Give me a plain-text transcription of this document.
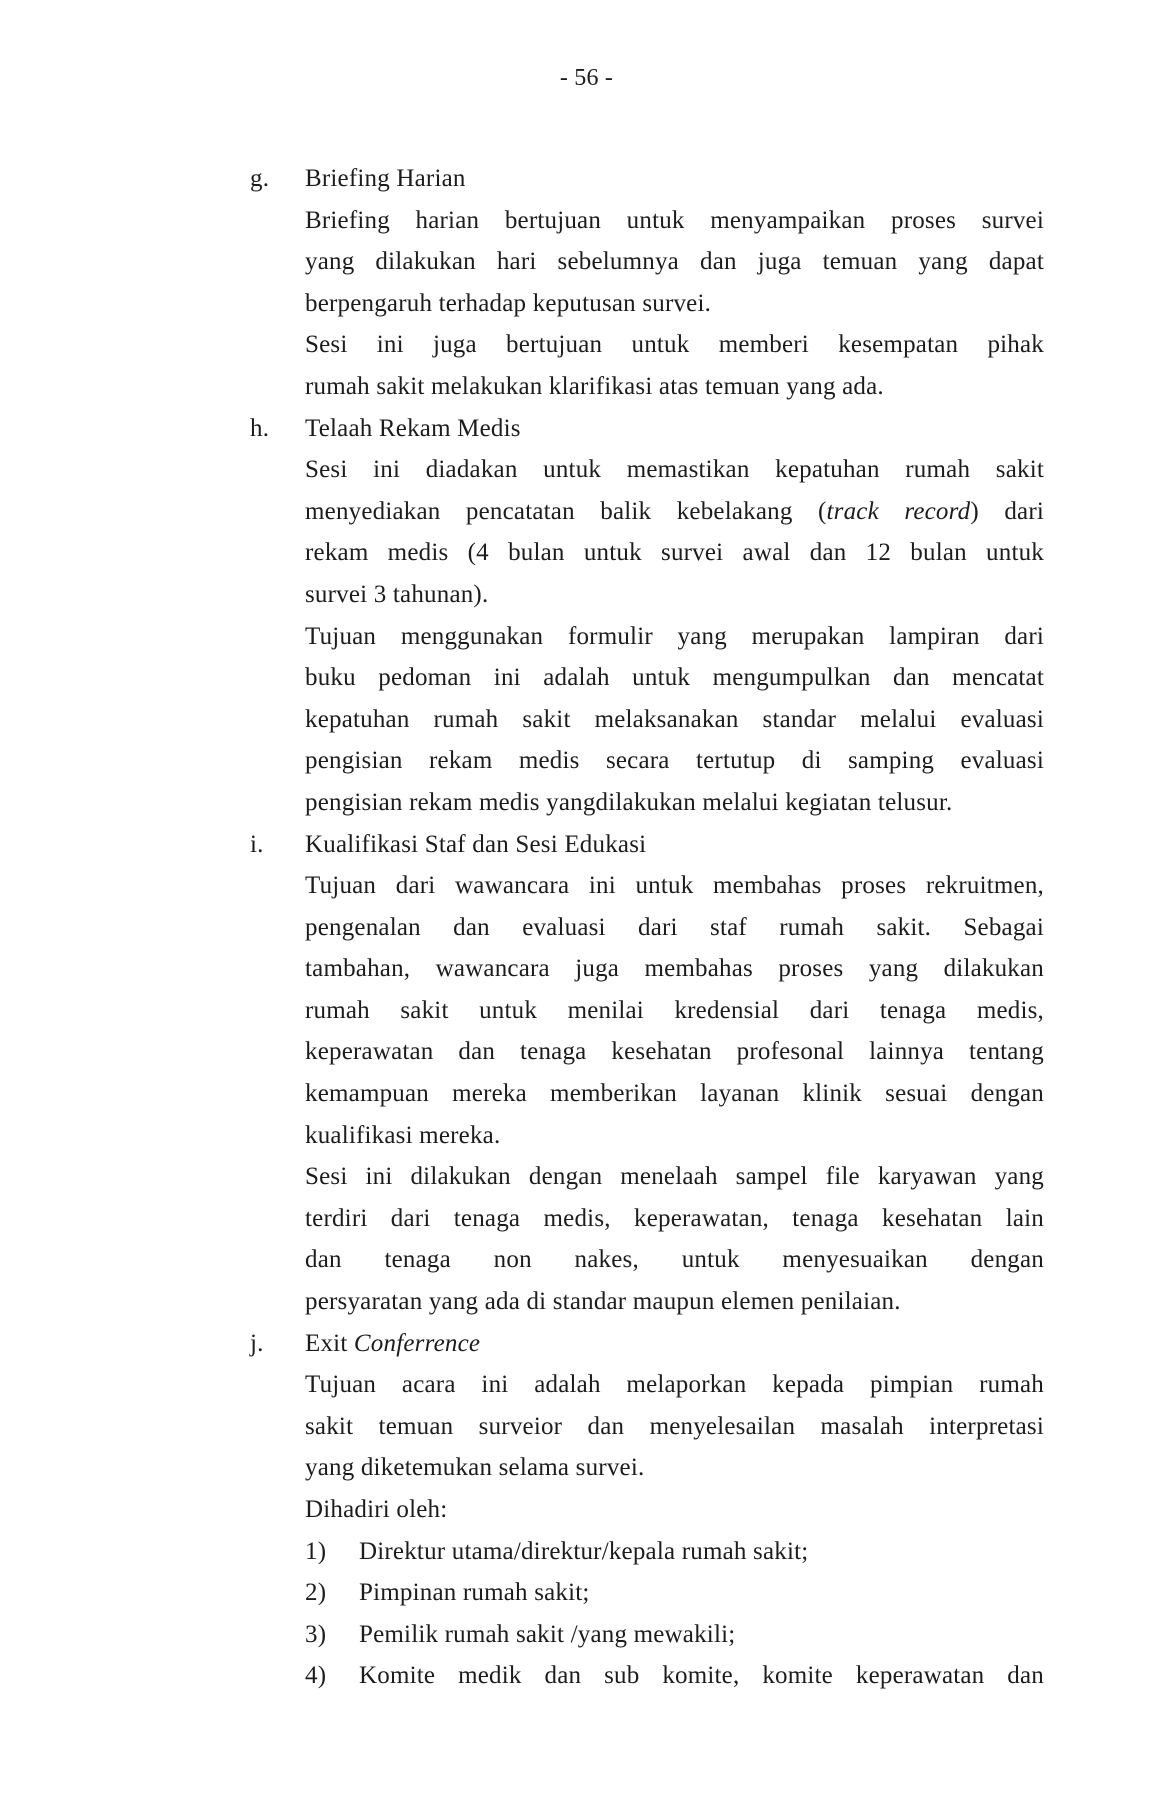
- 56 -
g.	Briefing Harian
Briefing harian bertujuan untuk menyampaikan proses survei
yang dilakukan hari sebelumnya dan juga temuan yang dapat
berpengaruh terhadap keputusan survei.
Sesi ini juga bertujuan untuk memberi kesempatan pihak
rumah sakit melakukan klarifikasi atas temuan yang ada.
h.	Telaah Rekam Medis
Sesi ini diadakan untuk memastikan kepatuhan rumah sakit
menyediakan pencatatan balik kebelakang (track record) dari
rekam medis (4 bulan untuk survei awal dan 12 bulan untuk
survei 3 tahunan).
Tujuan menggunakan formulir yang merupakan lampiran dari
buku pedoman ini adalah untuk mengumpulkan dan mencatat
kepatuhan rumah sakit melaksanakan standar melalui evaluasi
pengisian rekam medis secara tertutup di samping evaluasi
pengisian rekam medis yangdilakukan melalui kegiatan telusur.
i.	Kualifikasi Staf dan Sesi Edukasi
Tujuan dari wawancara ini untuk membahas proses rekruitmen,
pengenalan dan evaluasi dari staf rumah sakit. Sebagai
tambahan, wawancara juga membahas proses yang dilakukan
rumah sakit untuk menilai kredensial dari tenaga medis,
keperawatan dan tenaga kesehatan profesonal lainnya tentang
kemampuan mereka memberikan layanan klinik sesuai dengan
kualifikasi mereka.
Sesi ini dilakukan dengan menelaah sampel file karyawan yang
terdiri dari tenaga medis, keperawatan, tenaga kesehatan lain
dan tenaga non nakes, untuk menyesuaikan dengan
persyaratan yang ada di standar maupun elemen penilaian.
j.	Exit Conferrence
Tujuan acara ini adalah melaporkan kepada pimpian rumah
sakit temuan surveior dan menyelesailan masalah interpretasi
yang diketemukan selama survei.
Dihadiri oleh:
1)	Direktur utama/direktur/kepala rumah sakit;
2)	Pimpinan rumah sakit;
3)	Pemilik rumah sakit /yang mewakili;
4)	Komite medik dan sub komite, komite keperawatan dan
